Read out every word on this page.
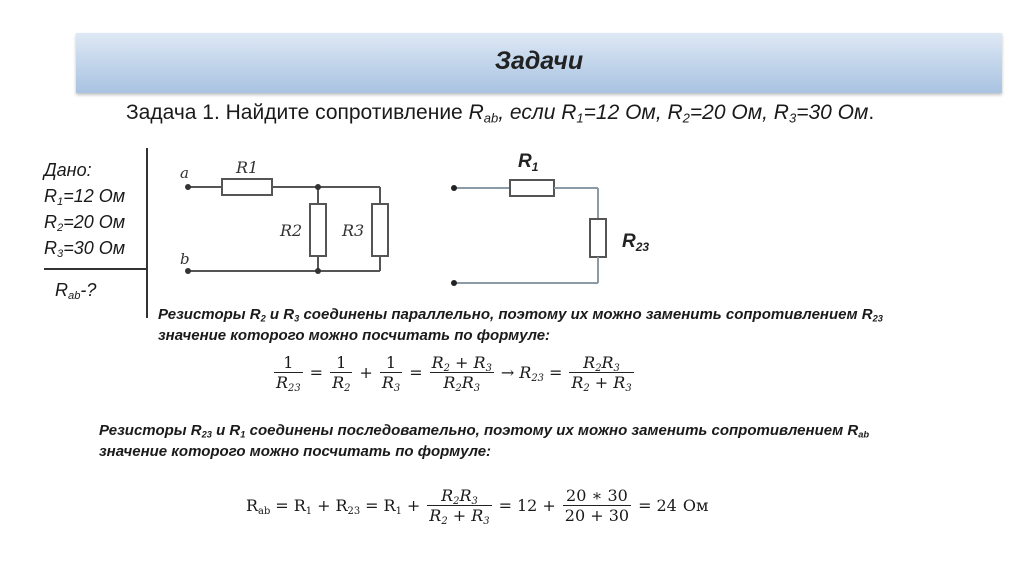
Задачи
Задача 1. Найдите сопротивление $R_{ab}$, если $R_1=12$ Ом, $R_2=20$ Ом, $R_3=30$ Ом.
Дано:
$R_1=12$ Ом
$R_2=20$ Ом
$R_3=30$ Ом
$R_{ab}-$?
a
b
R1
R2 R3
$R_1$
$R_{23}$
Резисторы $R_2$ и $R_3$ соединены параллельно, поэтому их можно заменить сопротивлением $R_{23}$
значение которого можно посчитать по формуле:
$\frac{1}{R_{23}} = \frac{1}{R_2} + \frac{1}{R_3} = \frac{R_2 + R_3}{R_2R_3} \to R_{23} = \frac{R_2R_3}{R_2 + R_3}$
Резисторы $R_{23}$ и $R_1$ соединены последовательно, поэтому их можно заменить сопротивлением $R_{ab}$
значение которого можно посчитать по формуле:
$R_{ab} = R_1 + R_{23} = R_1 + \frac{R_2R_3}{R_2 + R_3} = 12 + \frac{20 ∗ 30}{20 + 30} = 24$ Ом
